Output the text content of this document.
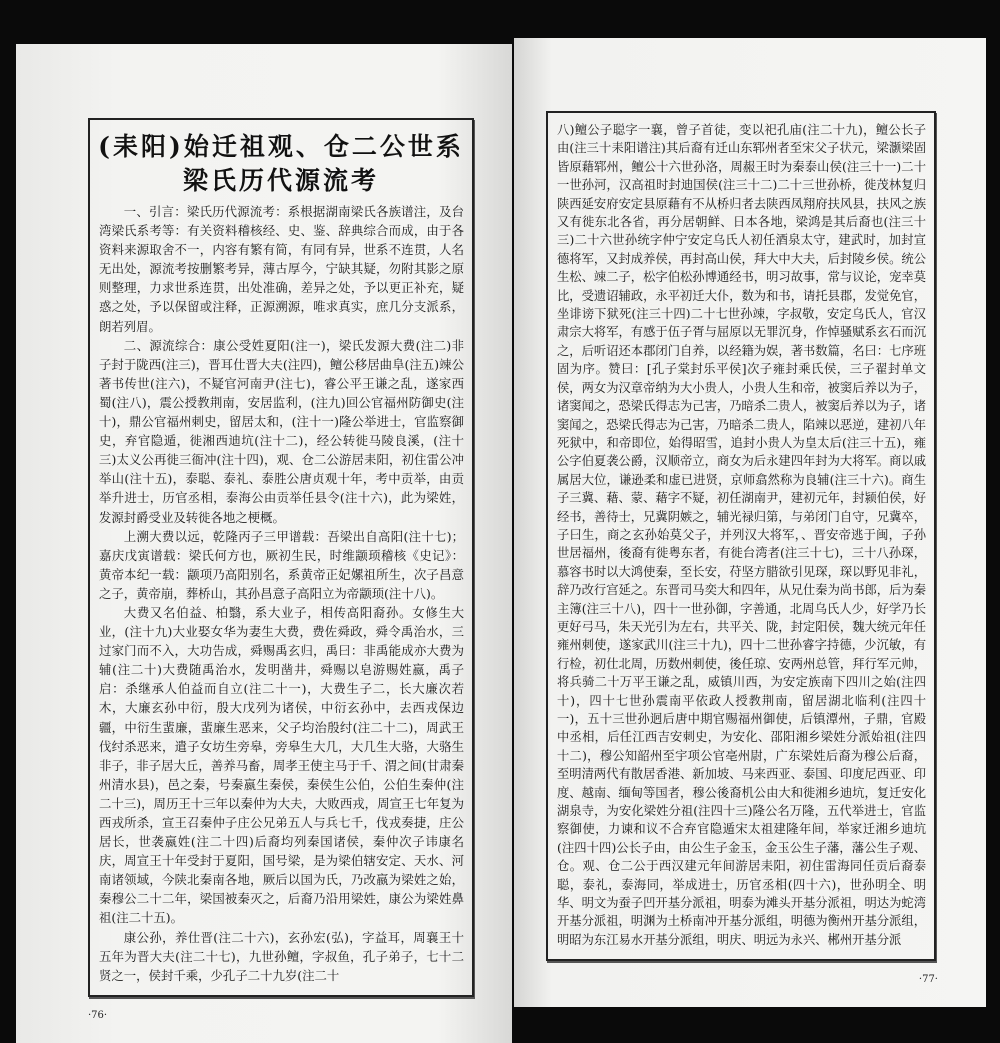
(耒阳)始迁祖观、仓二公世系
梁氏历代源流考

一、引言：梁氏历代源流考：系根据湖南梁氏各族谱注，及台湾梁氏系考等：有关资料稽核经、史、鉴、辞典综合而成，由于各资料来源取舍不一，内容有繁有简，有同有异，世系不连贯，人名无出处，源流考按删繁考异，薄古厚今，宁缺其疑，勿附其影之原则整理，力求世系连贯，出处准确，差异之处，予以更正补充，疑惑之处，予以保留或注释，正源溯源，唯求真实，庶几分支派系，朗若列眉。

二、源流综合：康公受姓夏阳(注一)，梁氏发源大费(注二)非子封于陇西(注三)，晋耳仕晋大夫(注四)，鳣公移居曲阜(注五)竦公著书传世(注六)，不疑官河南尹(注七)，睿公平王谦之乱，遂家西蜀(注八)，震公授教荆南，安居监利，(注九)回公官福州防御史(注十)，鼎公官福州刺史，留居太和，(注十一)隆公举进士，官监察御史，弃官隐遁，徙湘西迪坑(注十二)，经公转徙马陵良溪，(注十三)太义公再徙三衙冲(注十四)，观、仓二公游居耒阳，初住雷公冲举山(注十五)，泰聪、泰礼、泰胜公唐贞观十年，考中贡举，由贡举升进士，历官丞相，泰海公由贡举任县令(注十六)，此为梁姓，发源封爵受业及转徙各地之梗概。

上溯大费以远，乾隆丙子三甲谱载：吾梁出自高阳(注十七)；嘉庆戊寅谱载：梁氏何方也，厥初生民，时维颛顼稽核《史记》：黄帝本纪一载：颛项乃高阳别名，系黄帝正妃嫘祖所生，次子昌意之子，黄帝崩，葬桥山，其孙昌意子高阳立为帝颛顼(注十八)。

大费又名伯益、柏翳，系大业子，相传高阳裔孙。女修生大业，(注十九)大业娶女华为妻生大费，费佐舜政，舜令禹治水，三过家门而不入，大功告成，舜赐禹玄归，禹曰：非禹能成亦大费为辅(注二十)大费随禹治水，发明凿井，舜赐以皂游赐姓嬴，禹子启：杀继承人伯益而自立(注二十一)，大费生子二，长大廉次若木，大廉玄孙中衍，殷大戊列为诸侯，中衍玄孙中，去西戎保边疆，中衍生蜚廉，蜚廉生恶来，父子均治殷纣(注二十二)，周武王伐纣杀恶来，遣子女坊生旁皋，旁皋生大几，大几生大骆，大骆生非子，非子居大丘，善养马畜，周孝王使主马于千、渭之间(甘肃秦州清水县)，邑之秦，号秦嬴生秦侯，秦侯生公伯，公伯生秦仲(注二十三)，周历王十三年以秦仲为大夫，大败西戎，周宣王七年复为西戎所杀，宣王召秦仲子庄公兄弟五人与兵七千，伐戎奏捷，庄公居长，世袭嬴姓(注二十四)后裔均列秦国诸侯，秦仲次子讳康名庆，周宣王十年受封于夏阳，国号梁，是为梁伯辖安定、天水、河南诸领域，今陕北秦南各地，厥后以国为氏，乃改嬴为梁姓之始，秦穆公二十二年，梁国被秦灭之，后裔乃沿用梁姓，康公为梁姓鼻祖(注二十五)。

康公孙，养仕晋(注二十六)，玄孙宏(弘)，字益耳，周襄王十五年为晋大夫(注二十七)，九世孙鳣，字叔鱼，孔子弟子，七十二贤之一，侯封千乘，少孔子二十九岁(注二十

·76·

八)鳣公子聪字一襄，曾子首徒，变以祀孔庙(注二十九)，鳣公长子由(注三十耒阳谱注)其后裔有迁山东郓州者至宋父子状元，梁灏梁固皆原藉郓州，鳣公十六世孙洛，周赧王时为秦泰山侯(注三十一)二十一世孙河，汉高祖时封迪国侯(注三十二)二十三世孙桥，徙茂林复归陕西延安府安定县原藉有不从桥归者去陕西凤翔府扶风县，扶风之族又有徙东北各省，再分居朝鲜、日本各地，梁鸿是其后裔也(注三十三)二十六世孙统字仲宁安定乌氏人初任酒泉太守，建武时，加封宣德将军，又封成养侯，再封高山侯，拜大中大夫，后封陵乡侯。统公生松、竦二子，松字伯松孙博通经书，明习故事，常与议论，宠幸莫比，受遗诏辅政，永平初迁大仆，数为和书，请托县郡，发觉免官，坐诽谤下狱死(注三十四)二十七世孙竦，字叔敬，安定乌氏人，官汉肃宗大将军，有感于伍子胥与屈原以无罪沉身，作悼骚赋系玄石而沉之，后听诏还本郡闭门自养，以经籍为娱，著书数篇，名曰：七序班固为序。赞曰：[孔子棠封乐平侯]次子雍封乘氏侯，三子翟封单文侯，两女为汉章帝纳为大小贵人，小贵人生和帝，被窦后养以为子，诸窦闻之，恐梁氏得志为己害，乃暗杀二贵人，被窦后养以为子，诸窦闻之，恐梁氏得志为己害，乃暗杀二贵人，陷竦以恶逆，建初八年死狱中，和帝即位，始得昭雪，追封小贵人为皇太后(注三十五)，雍公字伯夏袭公爵，汉顺帝立，商女为后永建四年封为大将军。商以戚属居大位，谦逊柔和虚已进贤，京师翕然称为良辅(注三十六)。商生子三冀、藉、蒙、藉字不疑，初任湖南尹，建初元年，封颍伯侯，好经书，善待士，兄冀阴嫉之，辅光禄归第，与弟闭门自守，兄冀卒，子曰生，商之玄孙始莫父子，并列汉大将军，、晋安帝逃于闽，子孙世居福州，後裔有徙粤东者，有徙台湾者(注三十七)，三十八孙琛，慕容书时以大鸿使秦，至长安，苻坚方腊欲引见琛，琛以野见非礼，辞乃改行宫延之。东晋司马奕大和四年，从兄仕秦为尚书郎，后为秦主簿(注三十八)，四十一世孙御，字善通，北周乌氏人少，好学乃长更好弓马，朱天光引为左右，共平关、陇，封定阳侯，魏大统元年任雍州刺使，遂家武川(注三十九)，四十二世孙睿字持德，少沉敏，有行检，初仕北周，历数州刺使，後任琼、安两州总管，拜行军元帅，将兵骑二十万平王谦之乱，威镇川西，为安定族南下四川之始(注四十)，四十七世孙震南平依政人授教荆南，留居湖北临利(注四十一)，五十三世孙迥后唐中期官赐福州御使，后镇潭州，子鼎，官殿中丞相，后任江西吉安刺史，为安化、邵阳湘乡梁姓分派始祖(注四十二)，穆公知韶州至宇项公官亳州尉，广东梁姓后裔为穆公后裔，至明清两代有散居香港、新加坡、马来西亚、泰国、印度尼西亚、印度、越南、缅甸等国者，穆公後裔机公由大和徙湘乡迪坑，复迁安化湖泉寺，为安化梁姓分祖(注四十三)隆公名万隆，五代举进士，官监察御使，力谏和议不合弃官隐遁宋太祖建隆年间，举家迁湘乡迪坑(注四十四)公长子由，由公生子金玉，金玉公生子藩，藩公生子观、仓。观、仓二公于西汉建元年间游居耒阳，初住雷海同任贡后裔泰聪，泰礼，泰海同，举成进士，历官丞相(四十六)，世孙明全、明华、明文为蚕子凹开基分派祖，明泰为滩头开基分派祖，明达为蛇湾开基分派祖，明渊为土桥南冲开基分派组，明德为衡州开基分派组，明昭为东江易水开基分派组，明庆、明远为永兴、郴州开基分派

·77·
